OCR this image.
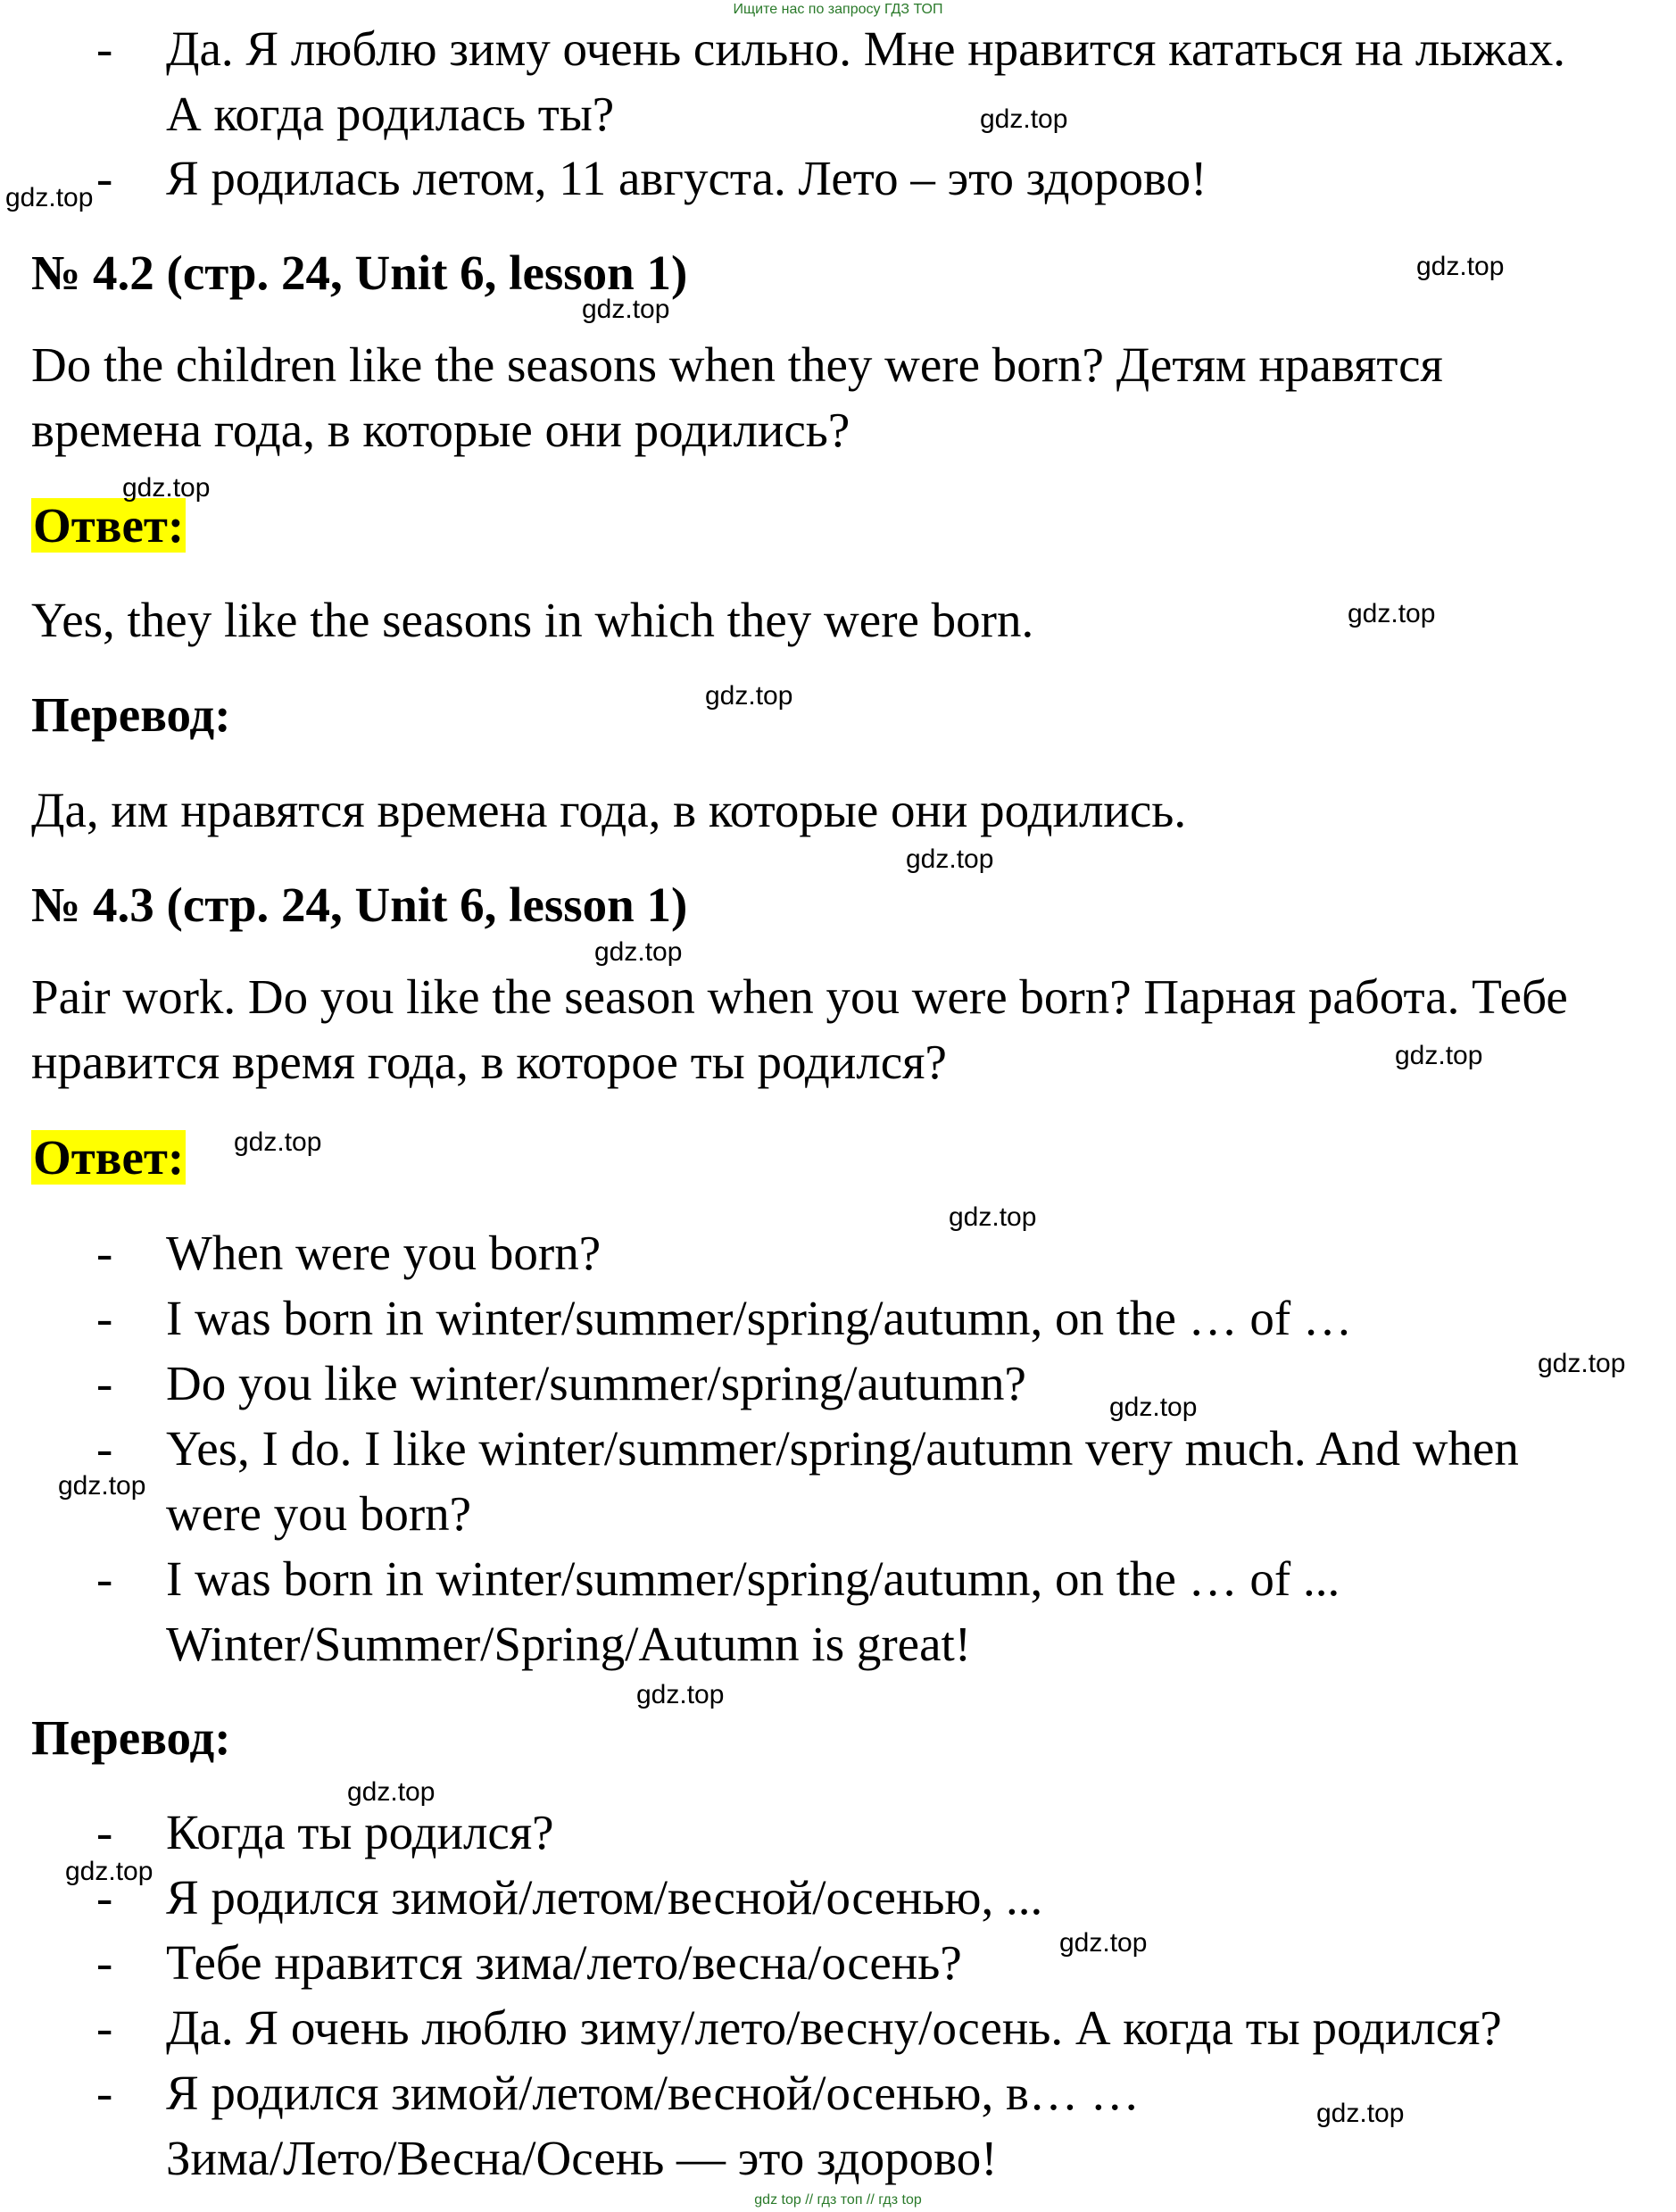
Ищите нас по запросу ГДЗ ТОП
- Да. Я люблю зиму очень сильно. Мне нравится кататься на лыжах.
А когда родилась ты?
- Я родилась летом, 11 августа. Лето – это здорово!
№ 4.2 (стр. 24, Unit 6, lesson 1)
Do the children like the seasons when they were born? Детям нравятся
времена года, в которые они родились?
Ответ:
Yes, they like the seasons in which they were born.
Перевод:
Да, им нравятся времена года, в которые они родились.
№ 4.3 (стр. 24, Unit 6, lesson 1)
Pair work. Do you like the season when you were born? Парная работа. Тебе
нравится время года, в которое ты родился?
Ответ:
- When were you born?
- I was born in winter/summer/spring/autumn, on the … of …
- Do you like winter/summer/spring/autumn?
- Yes, I do. I like winter/summer/spring/autumn very much. And when
were you born?
- I was born in winter/summer/spring/autumn, on the … of ...
Winter/Summer/Spring/Autumn is great!
Перевод:
- Когда ты родился?
- Я родился зимой/летом/весной/осенью, ...
- Тебе нравится зима/лето/весна/осень?
- Да. Я очень люблю зиму/лето/весну/осень. А когда ты родился?
- Я родился зимой/летом/весной/осенью, в… …
Зима/Лето/Весна/Осень — это здорово!
gdz.top
gdz.top
gdz.top
gdz.top
gdz.top
gdz.top
gdz.top
gdz.top
gdz.top
gdz.top
gdz.top
gdz.top
gdz.top
gdz.top
gdz.top
gdz.top
gdz.top
gdz.top
gdz.top
gdz.top
gdz top // гдз топ // гдз top
